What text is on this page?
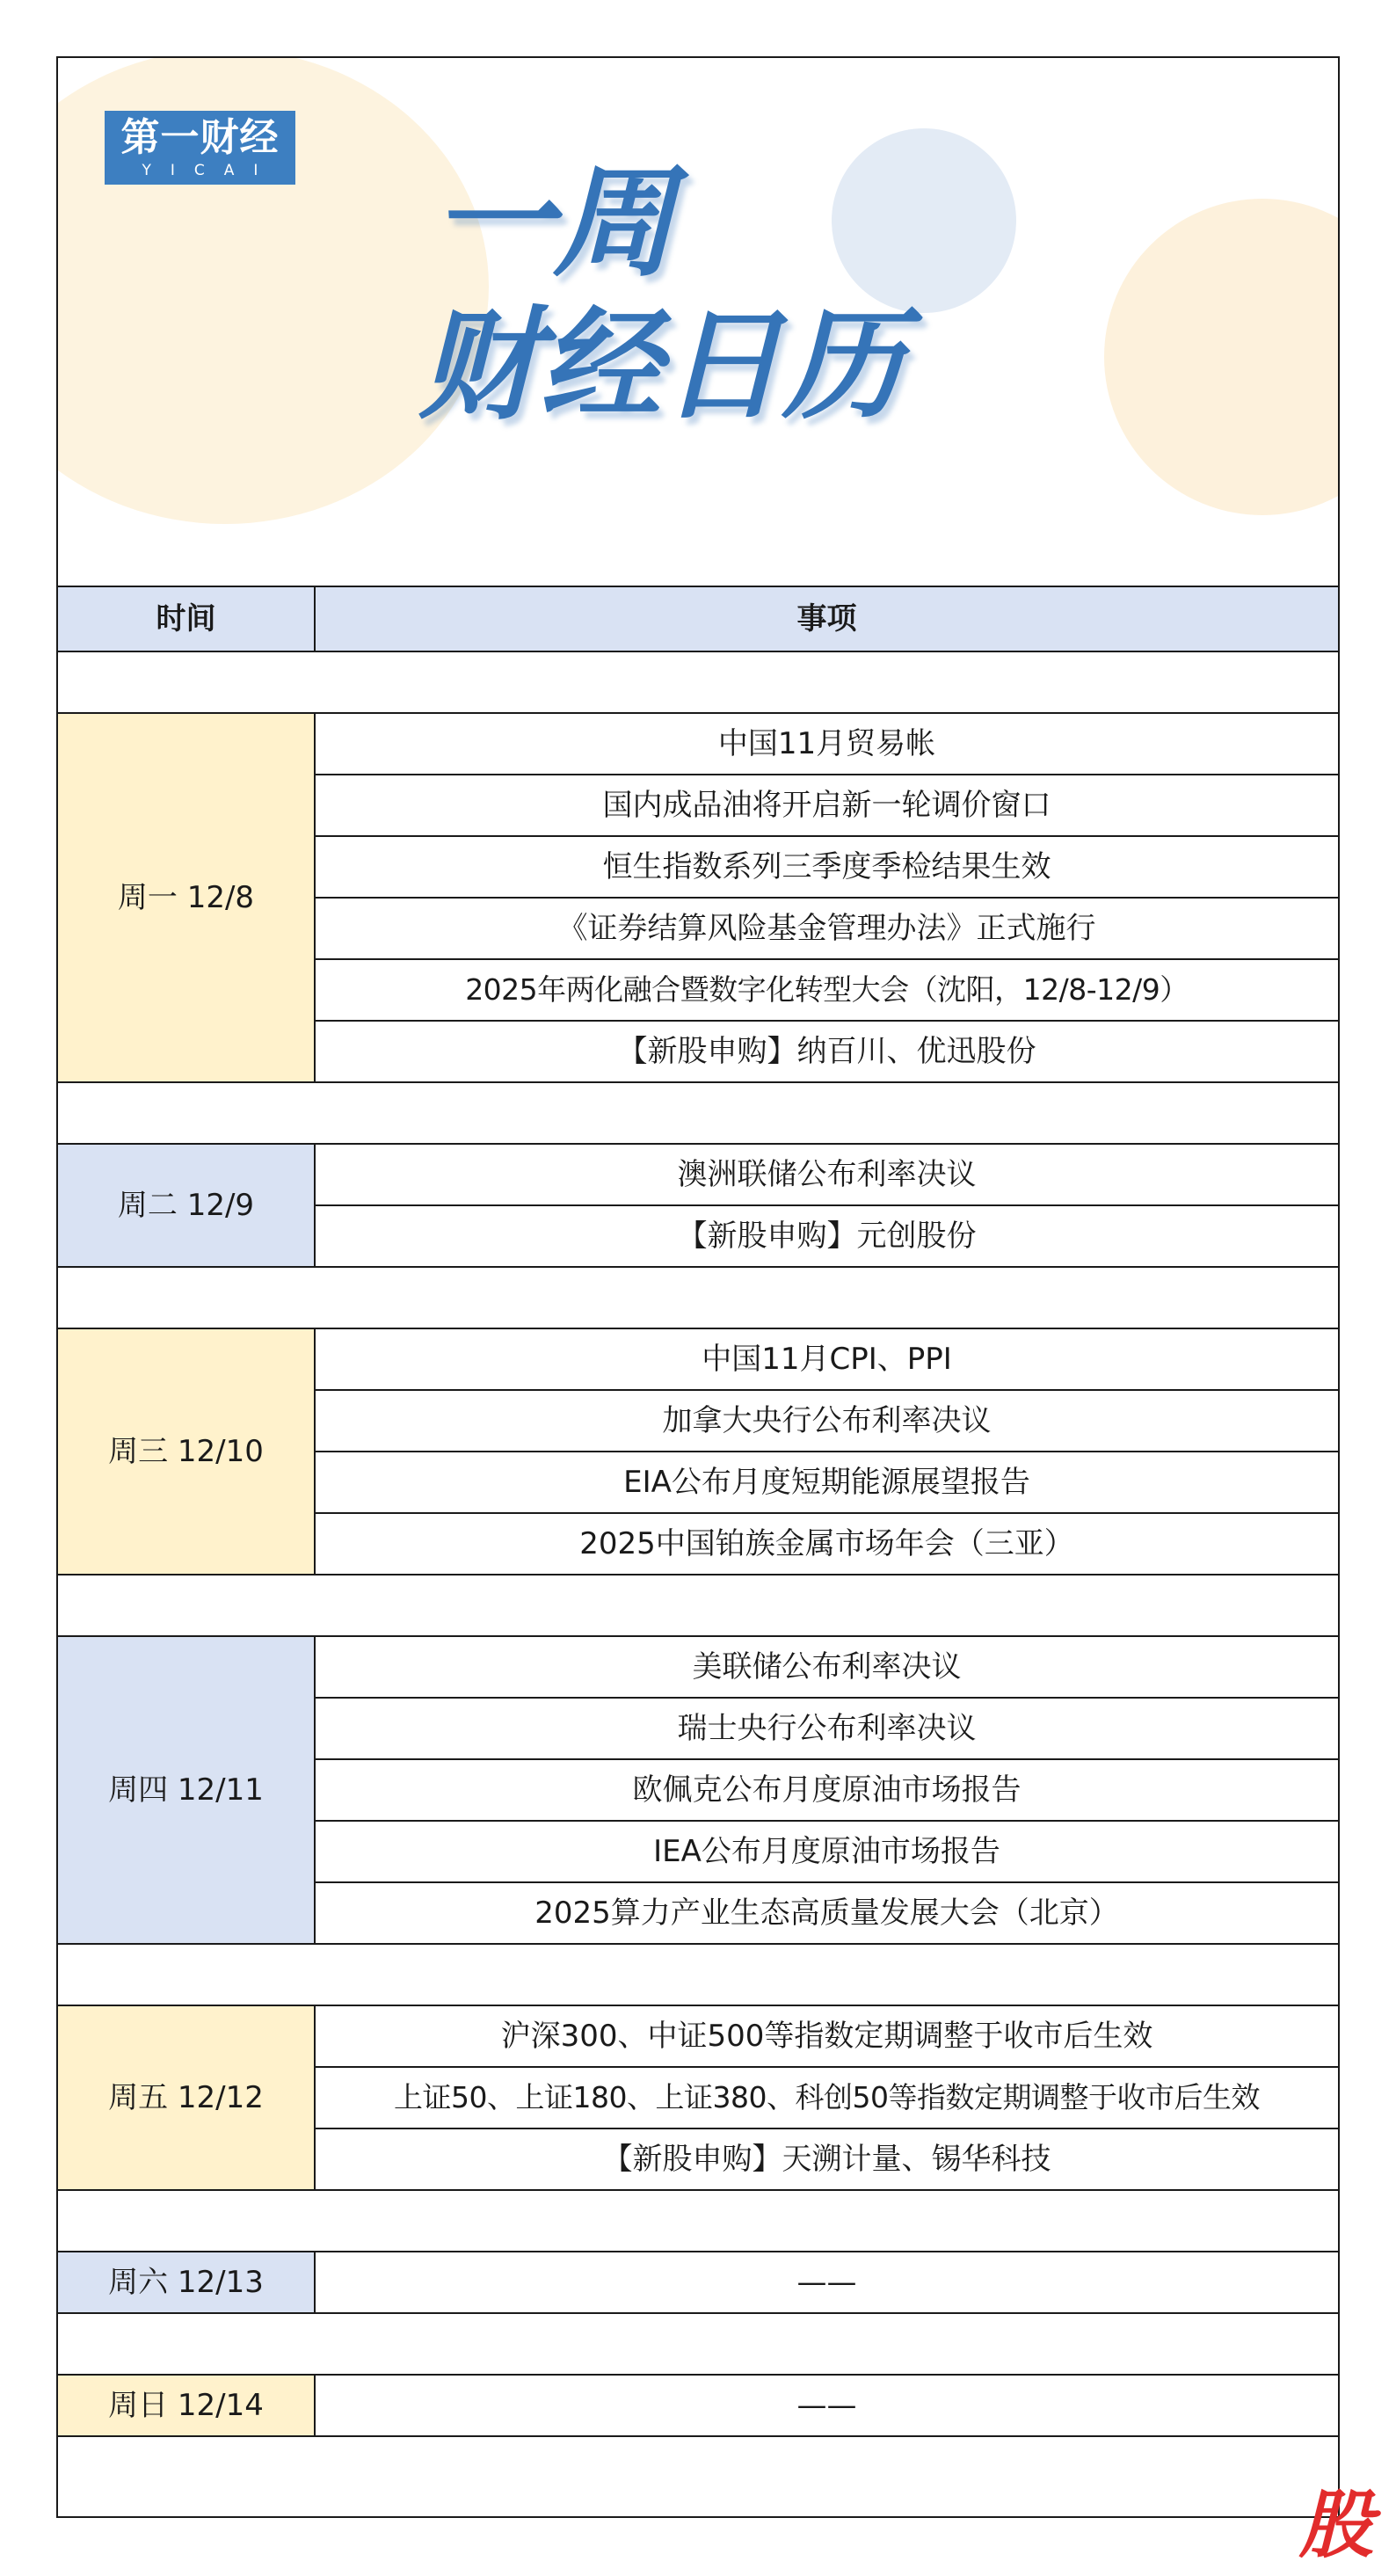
第一财经
YICAI 一周
财经日历
时间	事项

周一 12/8	中国11月贸易帐
	国内成品油将开启新一轮调价窗口
	恒生指数系列三季度季检结果生效
	《证券结算风险基金管理办法》正式施行
	2025年两化融合暨数字化转型大会（沈阳，12/8-12/9）
	【新股申购】纳百川、优迅股份

周二 12/9	澳洲联储公布利率决议
	【新股申购】元创股份

周三 12/10	中国11月CPI、PPI
	加拿大央行公布利率决议
	EIA公布月度短期能源展望报告
	2025中国铂族金属市场年会（三亚）

周四 12/11	美联储公布利率决议
	瑞士央行公布利率决议
	欧佩克公布月度原油市场报告
	IEA公布月度原油市场报告
	2025算力产业生态高质量发展大会（北京）

周五 12/12	沪深300、中证500等指数定期调整于收市后生效
	上证50、上证180、上证380、科创50等指数定期调整于收市后生效
	【新股申购】天溯计量、锡华科技

周六 12/13	——

周日 12/14	——
股
